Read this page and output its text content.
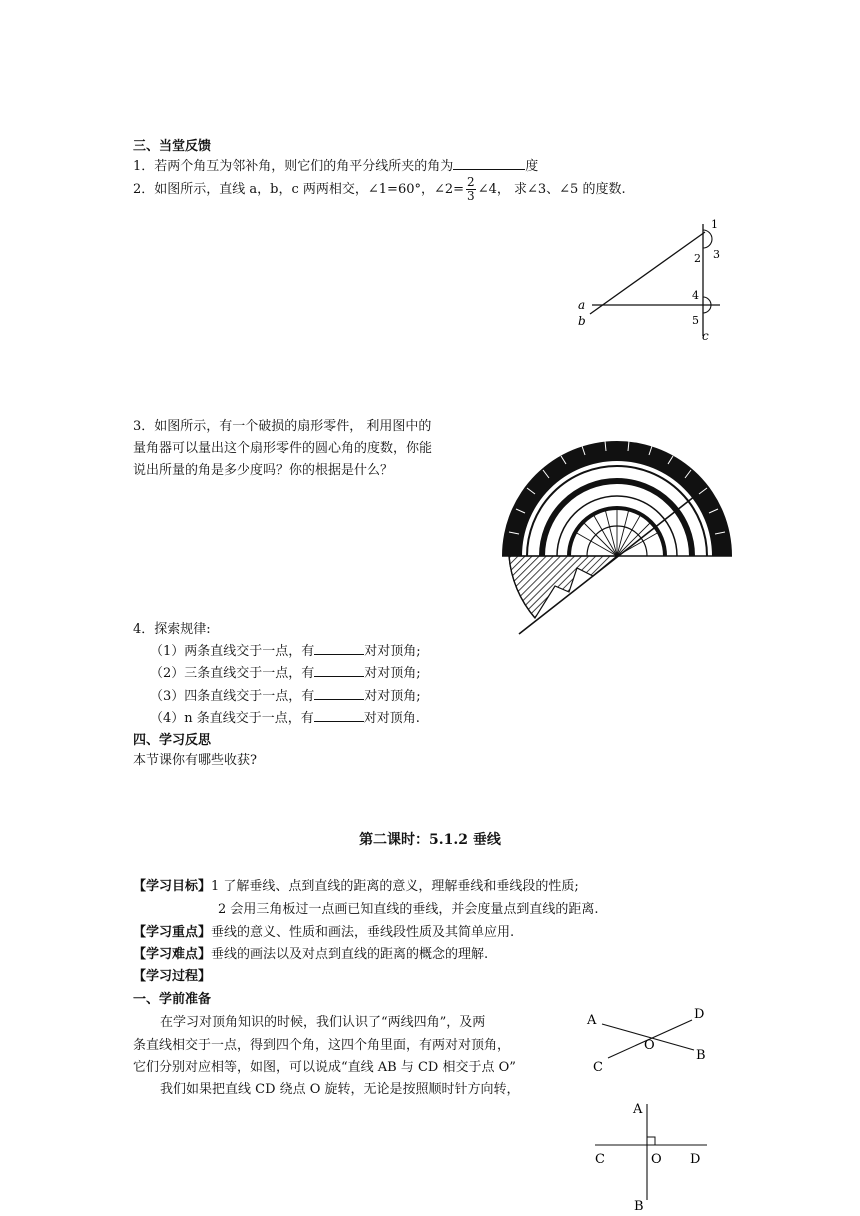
三、当堂反馈
1．若两个角互为邻补角，则它们的角平分线所夹的角为	度
2．如图所示，直线 a，b，c 两两相交，∠1=60°，∠2= $\frac{2}{3}$ ∠4， 求∠3、∠5 的度数.
1
2 3
4
5
a
b
c
3．如图所示，有一个破损的扇形零件， 利用图中的
量角器可以量出这个扇形零件的圆心角的度数，你能
说出所量的角是多少度吗？你的根据是什么？
4．探索规律:
（1）两条直线交于一点，有	对对顶角;
（2）三条直线交于一点，有	对对顶角;
（3）四条直线交于一点，有	对对顶角;
（4）n 条直线交于一点，有	对对顶角.
四、学习反思
本节课你有哪些收获?
第二课时：5.1.2 垂线
【学习目标】1 了解垂线、点到直线的距离的意义，理解垂线和垂线段的性质;
2 会用三角板过一点画已知直线的垂线，并会度量点到直线的距离.
【学习重点】垂线的意义、性质和画法，垂线段性质及其简单应用.
【学习难点】垂线的画法以及对点到直线的距离的概念的理解.
【学习过程】
一、学前准备
在学习对顶角知识的时候，我们认识了“两线四角”，及两
条直线相交于一点，得到四个角，这四个角里面，有两对对顶角，
它们分别对应相等，如图，可以说成“直线 AB 与 CD 相交于点 O”
我们如果把直线 CD 绕点 O 旋转，无论是按照顺时针方向转，
A
B
C
D
O
A
B
C	D
O
